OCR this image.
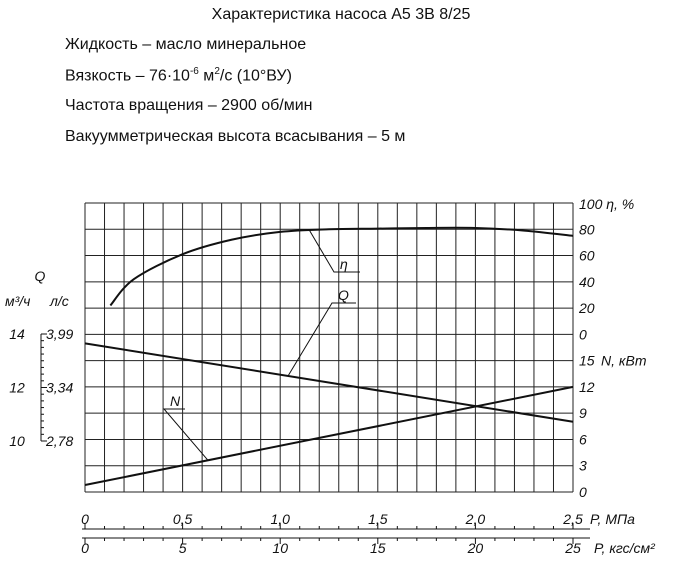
Характеристика насоса А5 3В 8/25
Жидкость – масло минеральное
Вязкость – $76\cdot 10^{-6}$ $м^2/с$ (10°ВУ)
Частота вращения – 2900 об/мин
Вакуумметрическая высота всасывания – 5 м
0	0,5	1,0	1,5	2,0	2,5
0	5	10	15	20	25
P, МПа
P, кгс/см²
0
20
40
60
80
0
3
6
9
12
15
100 η, %
N, кВт
10 2,78
12 3,34
14 3,99
Q
м³/ч л/с
η
Q
N
